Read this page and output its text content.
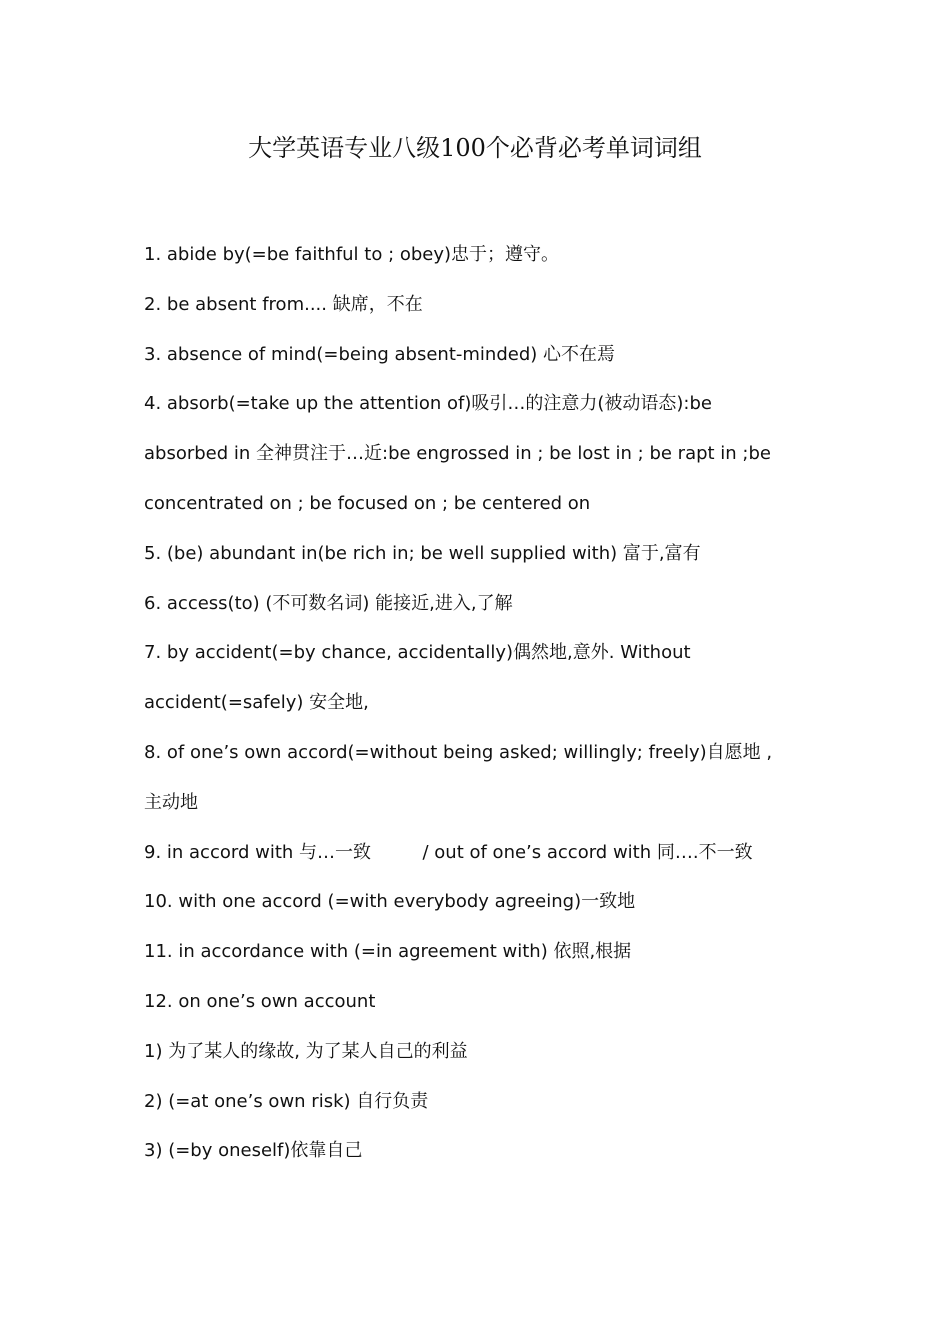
大学英语专业八级100个必背必考单词词组
1. abide by(=be faithful to ; obey)忠于；遵守。
2. be absent from.... 缺席，不在
3. absence of mind(=being absent-minded) 心不在焉
4. absorb(=take up the attention of)吸引…的注意力(被动语态):be
absorbed in 全神贯注于…近:be engrossed in ; be lost in ; be rapt in ;be
concentrated on ; be focused on ; be centered on
5. (be) abundant in(be rich in; be well supplied with) 富于,富有
6. access(to) (不可数名词) 能接近,进入,了解
7. by accident(=by chance, accidentally)偶然地,意外. Without
accident(=safely) 安全地,
8. of one’s own accord(=without being asked; willingly; freely)自愿地 ,
主动地
9. in accord with 与…一致         / out of one’s accord with 同….不一致
10. with one accord (=with everybody agreeing)一致地
11. in accordance with (=in agreement with) 依照,根据
12. on one’s own account
1) 为了某人的缘故, 为了某人自己的利益
2) (=at one’s own risk) 自行负责
3) (=by oneself)依靠自己
